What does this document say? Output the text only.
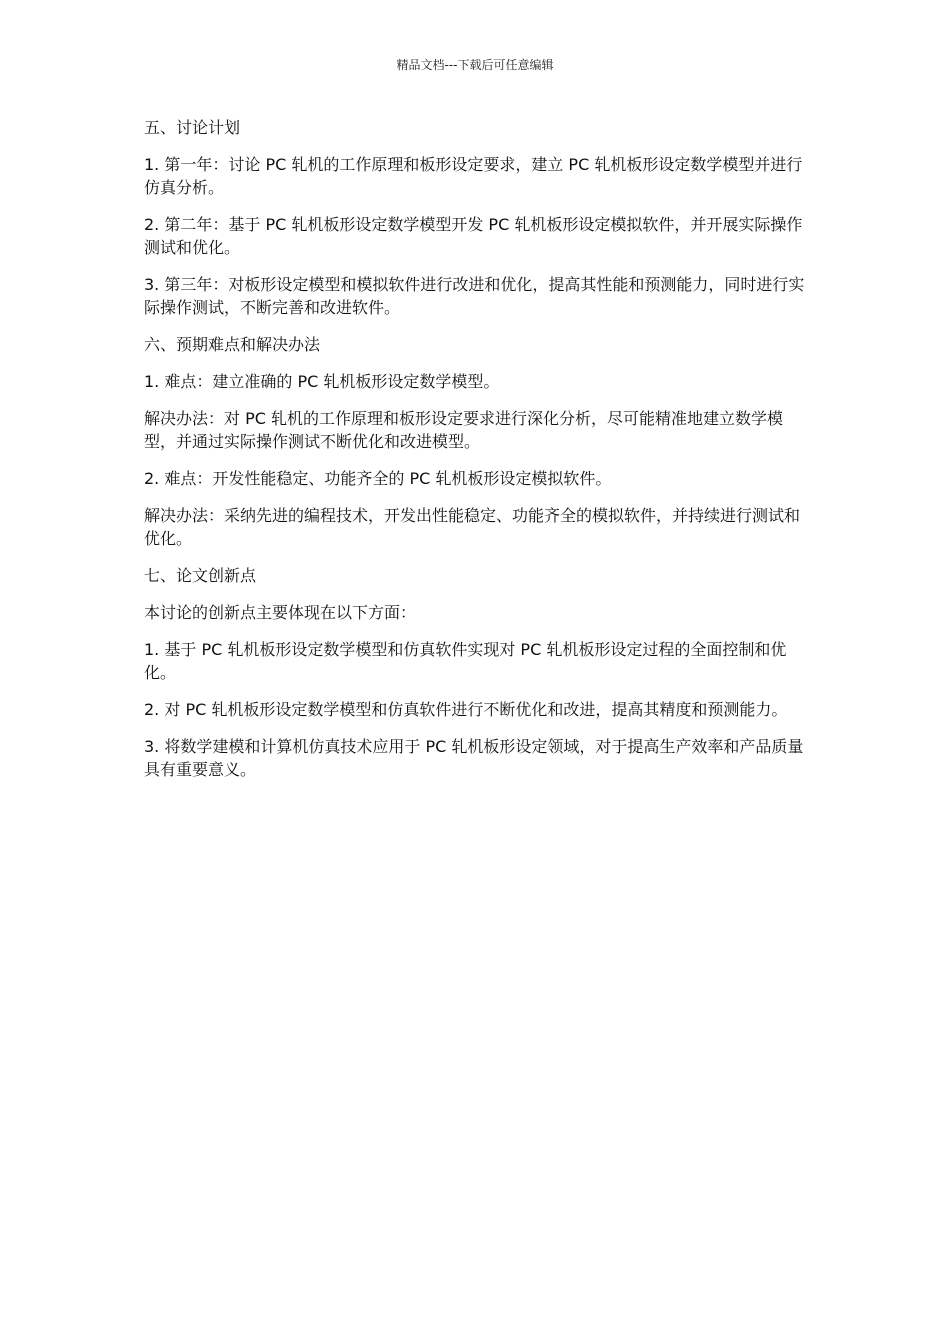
精品文档---下载后可任意编辑

五、讨论计划

1. 第一年：讨论 PC 轧机的工作原理和板形设定要求，建立 PC 轧机板形设定数学模型并进行仿真分析。

2. 第二年：基于 PC 轧机板形设定数学模型开发 PC 轧机板形设定模拟软件，并开展实际操作测试和优化。

3. 第三年：对板形设定模型和模拟软件进行改进和优化，提高其性能和预测能力，同时进行实际操作测试，不断完善和改进软件。

六、预期难点和解决办法

1. 难点：建立准确的 PC 轧机板形设定数学模型。

解决办法：对 PC 轧机的工作原理和板形设定要求进行深化分析，尽可能精准地建立数学模型，并通过实际操作测试不断优化和改进模型。

2. 难点：开发性能稳定、功能齐全的 PC 轧机板形设定模拟软件。

解决办法：采纳先进的编程技术，开发出性能稳定、功能齐全的模拟软件，并持续进行测试和优化。

七、论文创新点

本讨论的创新点主要体现在以下方面：

1. 基于 PC 轧机板形设定数学模型和仿真软件实现对 PC 轧机板形设定过程的全面控制和优化。

2. 对 PC 轧机板形设定数学模型和仿真软件进行不断优化和改进，提高其精度和预测能力。

3. 将数学建模和计算机仿真技术应用于 PC 轧机板形设定领域，对于提高生产效率和产品质量具有重要意义。
